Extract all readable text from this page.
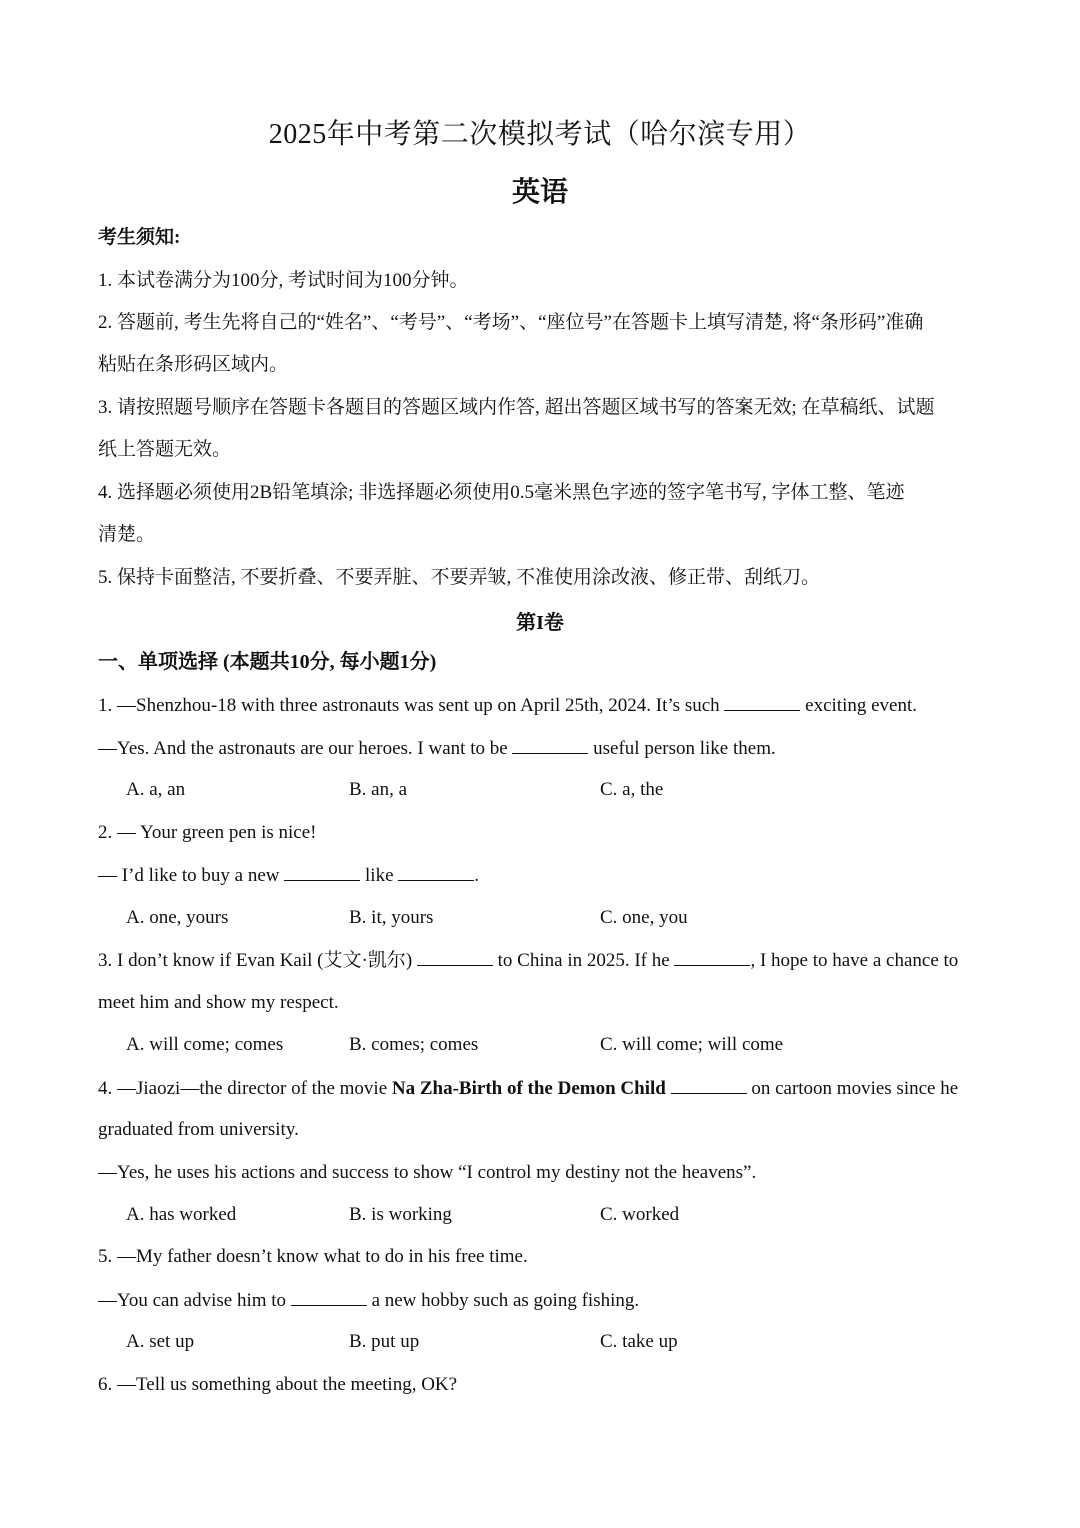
2025年中考第二次模拟考试（哈尔滨专用）
英语
考生须知:
1. 本试卷满分为100分, 考试时间为100分钟。
2. 答题前, 考生先将自己的“姓名”、“考号”、“考场”、“座位号”在答题卡上填写清楚, 将“条形码”准确
粘贴在条形码区域内。
3. 请按照题号顺序在答题卡各题目的答题区域内作答, 超出答题区域书写的答案无效; 在草稿纸、试题
纸上答题无效。
4. 选择题必须使用2B铅笔填涂; 非选择题必须使用0.5毫米黑色字迹的签字笔书写, 字体工整、笔迹
清楚。
5. 保持卡面整洁, 不要折叠、不要弄脏、不要弄皱, 不准使用涂改液、修正带、刮纸刀。
第I卷
一、单项选择 (本题共10分, 每小题1分)
1. —Shenzhou-18 with three astronauts was sent up on April 25th, 2024. It’s such	exciting event.
—Yes. And the astronauts are our heroes. I want to be	useful person like them.
A. a, an	B. an, a	C. a, the
2. — Your green pen is nice!
— I’d like to buy a new	like	.
A. one, yours	B. it, yours	C. one, you
3. I don’t know if Evan Kail (艾文·凯尔)	to China in 2025. If he	, I hope to have a chance to
meet him and show my respect.
A. will come; comes	B. comes; comes	C. will come; will come
4. —Jiaozi—the director of the movie Na Zha-Birth of the Demon Child	on cartoon movies since he
graduated from university.
—Yes, he uses his actions and success to show “I control my destiny not the heavens”.
A. has worked	B. is working	C. worked
5. —My father doesn’t know what to do in his free time.
—You can advise him to	a new hobby such as going fishing.
A. set up	B. put up	C. take up
6. —Tell us something about the meeting, OK?
